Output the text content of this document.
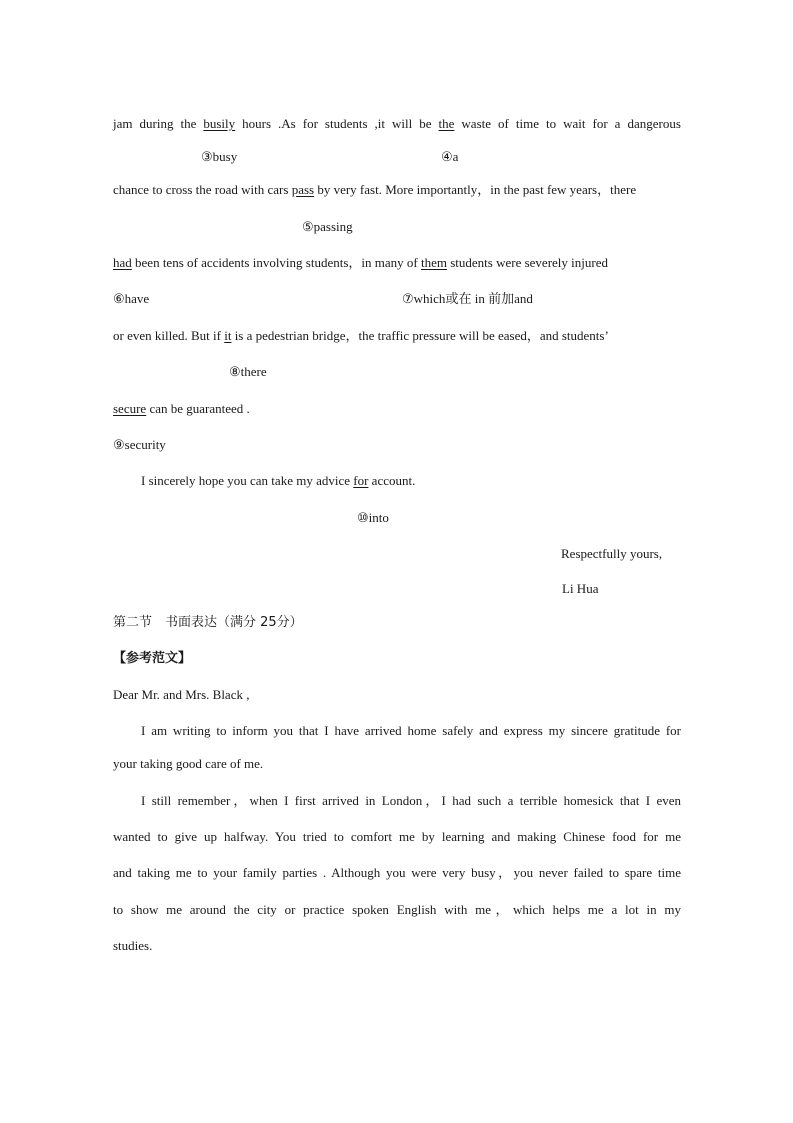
jam during the busily hours .As for students ,it will be the waste of time to wait for a dangerous
③busy	④a
chance to cross the road with cars pass by very fast. More importantly，in the past few years，there
⑤passing
had been tens of accidents involving students，in many of them students were severely injured
⑥have	⑦which或在 in 前加and
or even killed. But if it is a pedestrian bridge，the traffic pressure will be eased，and students’
⑧there
secure can be guaranteed .
⑨security
I sincerely hope you can take my advice for account.
⑩into
Respectfully yours,
Li Hua
第二节　书面表达（满分 25分）
【参考范文】
Dear Mr. and Mrs. Black ,
I am writing to inform you that I have arrived home safely and express my sincere gratitude for
your taking good care of me.
I still remember，when I first arrived in London，I had such a terrible homesick that I even
wanted to give up halfway. You tried to comfort me by learning and making Chinese food for me
and taking me to your family parties . Although you were very busy，you never failed to spare time
to show me around the city or practice spoken English with me，which helps me a lot in my
studies.
